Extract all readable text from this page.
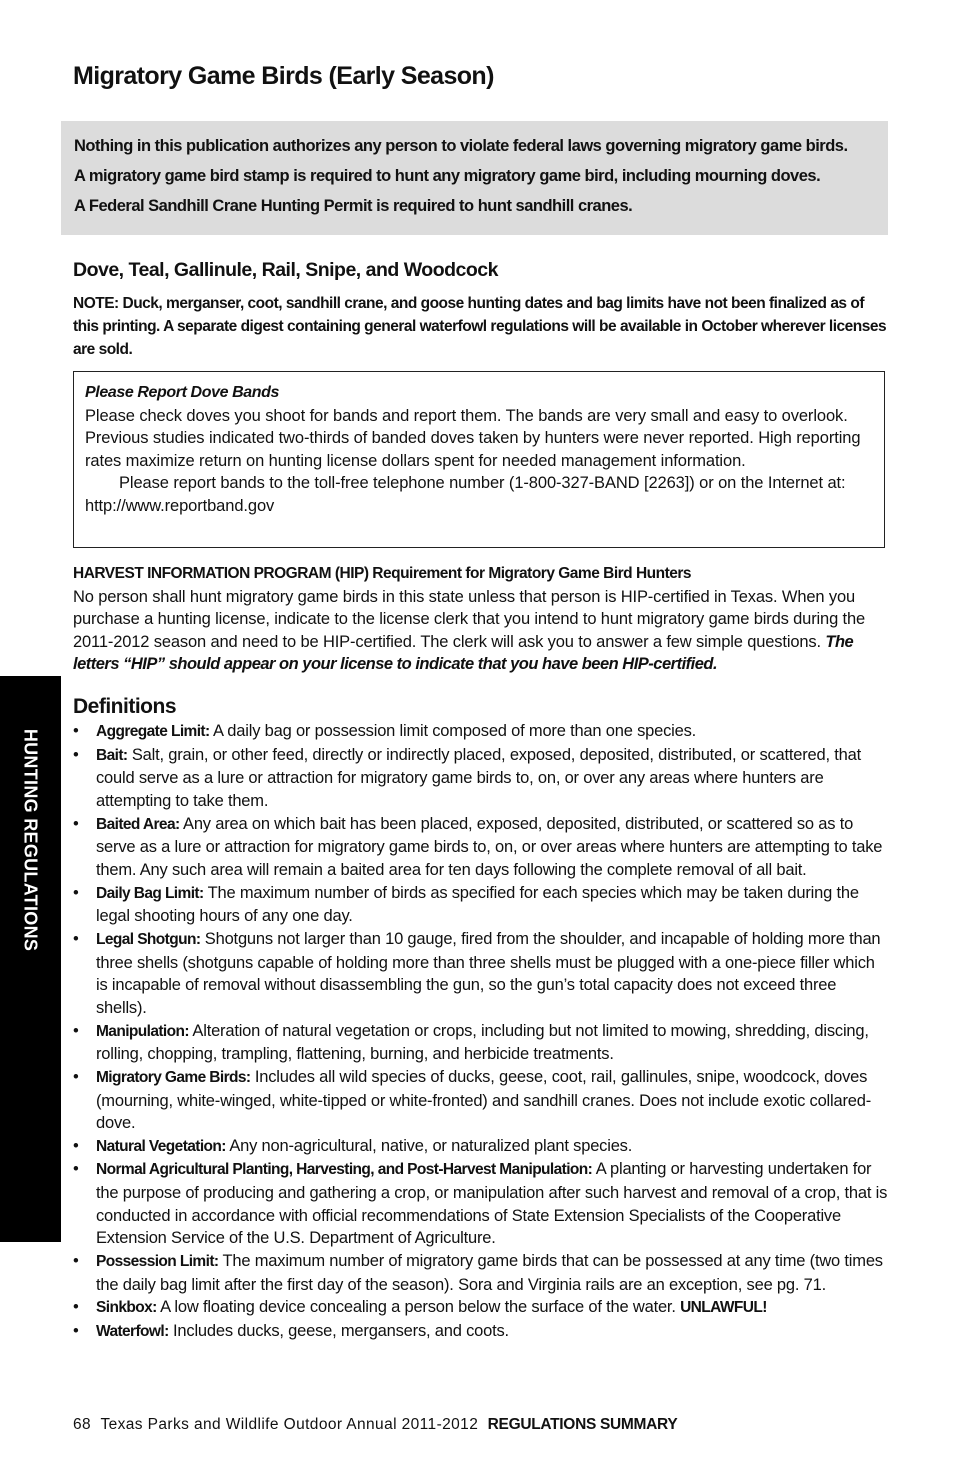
Migratory Game Birds (Early Season)

Nothing in this publication authorizes any person to violate federal laws governing migratory game birds.

A migratory game bird stamp is required to hunt any migratory game bird, including mourning doves.

A Federal Sandhill Crane Hunting Permit is required to hunt sandhill cranes.

Dove, Teal, Gallinule, Rail, Snipe, and Woodcock

NOTE: Duck, merganser, coot, sandhill crane, and goose hunting dates and bag limits have not been finalized as of this printing. A separate digest containing general waterfowl regulations will be available in October wherever licenses are sold.

Please Report Dove Bands

Please check doves you shoot for bands and report them. The bands are very small and easy to overlook. Previous studies indicated two-thirds of banded doves taken by hunters were never reported. High reporting rates maximize return on hunting license dollars spent for needed management information.

Please report bands to the toll-free telephone number (1-800-327-BAND [2263]) or on the Internet at: http://www.reportband.gov

HARVEST INFORMATION PROGRAM (HIP) Requirement for Migratory Game Bird Hunters
No person shall hunt migratory game birds in this state unless that person is HIP-certified in Texas. When you purchase a hunting license, indicate to the license clerk that you intend to hunt migratory game birds during the 2011-2012 season and need to be HIP-certified. The clerk will ask you to answer a few simple questions. The letters “HIP” should appear on your license to indicate that you have been HIP-certified.

Definitions
• Aggregate Limit: A daily bag or possession limit composed of more than one species.
• Bait: Salt, grain, or other feed, directly or indirectly placed, exposed, deposited, distributed, or scattered, that could serve as a lure or attraction for migratory game birds to, on, or over any areas where hunters are attempting to take them.
• Baited Area: Any area on which bait has been placed, exposed, deposited, distributed, or scattered so as to serve as a lure or attraction for migratory game birds to, on, or over areas where hunters are attempting to take them. Any such area will remain a baited area for ten days following the complete removal of all bait.
• Daily Bag Limit: The maximum number of birds as specified for each species which may be taken during the legal shooting hours of any one day.
• Legal Shotgun: Shotguns not larger than 10 gauge, fired from the shoulder, and incapable of holding more than three shells (shotguns capable of holding more than three shells must be plugged with a one-piece filler which is incapable of removal without disassembling the gun, so the gun’s total capacity does not exceed three shells).
• Manipulation: Alteration of natural vegetation or crops, including but not limited to mowing, shredding, discing, rolling, chopping, trampling, flattening, burning, and herbicide treatments.
• Migratory Game Birds: Includes all wild species of ducks, geese, coot, rail, gallinules, snipe, woodcock, doves (mourning, white-winged, white-tipped or white-fronted) and sandhill cranes. Does not include exotic collared-dove.
• Natural Vegetation: Any non-agricultural, native, or naturalized plant species.
• Normal Agricultural Planting, Harvesting, and Post-Harvest Manipulation: A planting or harvesting undertaken for the purpose of producing and gathering a crop, or manipulation after such harvest and removal of a crop, that is conducted in accordance with official recommendations of State Extension Specialists of the Cooperative Extension Service of the U.S. Department of Agriculture.
• Possession Limit: The maximum number of migratory game birds that can be possessed at any time (two times the daily bag limit after the first day of the season). Sora and Virginia rails are an exception, see pg. 71.
• Sinkbox: A low floating device concealing a person below the surface of the water. UNLAWFUL!
• Waterfowl: Includes ducks, geese, mergansers, and coots.
HUNTING REGULATIONS
68 Texas Parks and Wildlife Outdoor Annual 2011-2012 REGULATIONS SUMMARY
